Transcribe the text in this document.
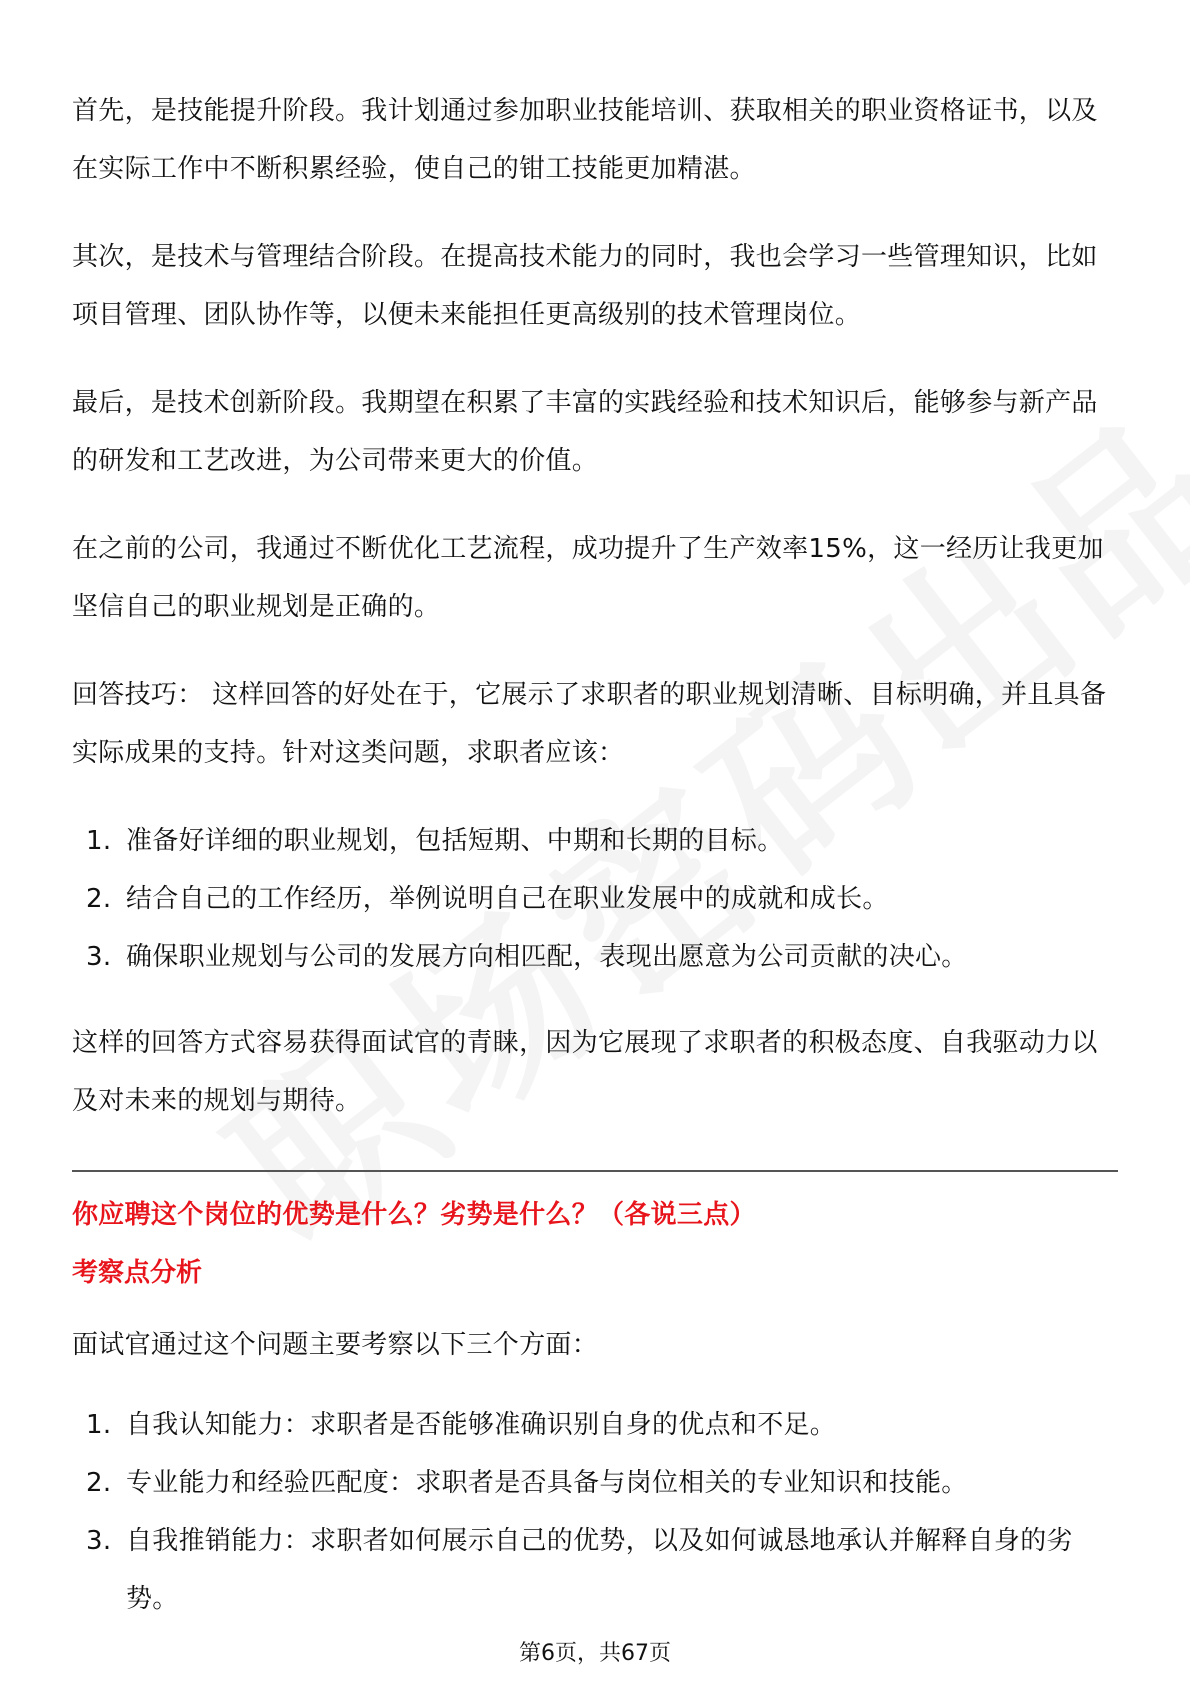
首先，是技能提升阶段。我计划通过参加职业技能培训、获取相关的职业资格证书，以及在实际工作中不断积累经验，使自己的钳工技能更加精湛。

其次，是技术与管理结合阶段。在提高技术能力的同时，我也会学习一些管理知识，比如项目管理、团队协作等，以便未来能担任更高级别的技术管理岗位。

最后，是技术创新阶段。我期望在积累了丰富的实践经验和技术知识后，能够参与新产品的研发和工艺改进，为公司带来更大的价值。

在之前的公司，我通过不断优化工艺流程，成功提升了生产效率15%，这一经历让我更加坚信自己的职业规划是正确的。

回答技巧： 这样回答的好处在于，它展示了求职者的职业规划清晰、目标明确，并且具备实际成果的支持。针对这类问题，求职者应该：

1. 准备好详细的职业规划，包括短期、中期和长期的目标。
2. 结合自己的工作经历，举例说明自己在职业发展中的成就和成长。
3. 确保职业规划与公司的发展方向相匹配，表现出愿意为公司贡献的决心。

这样的回答方式容易获得面试官的青睐，因为它展现了求职者的积极态度、自我驱动力以及对未来的规划与期待。

你应聘这个岗位的优势是什么？劣势是什么？（各说三点）
考察点分析

面试官通过这个问题主要考察以下三个方面：

1. 自我认知能力：求职者是否能够准确识别自身的优点和不足。
2. 专业能力和经验匹配度：求职者是否具备与岗位相关的专业知识和技能。
3. 自我推销能力：求职者如何展示自己的优势，以及如何诚恳地承认并解释自身的劣势。
第6页，共67页
